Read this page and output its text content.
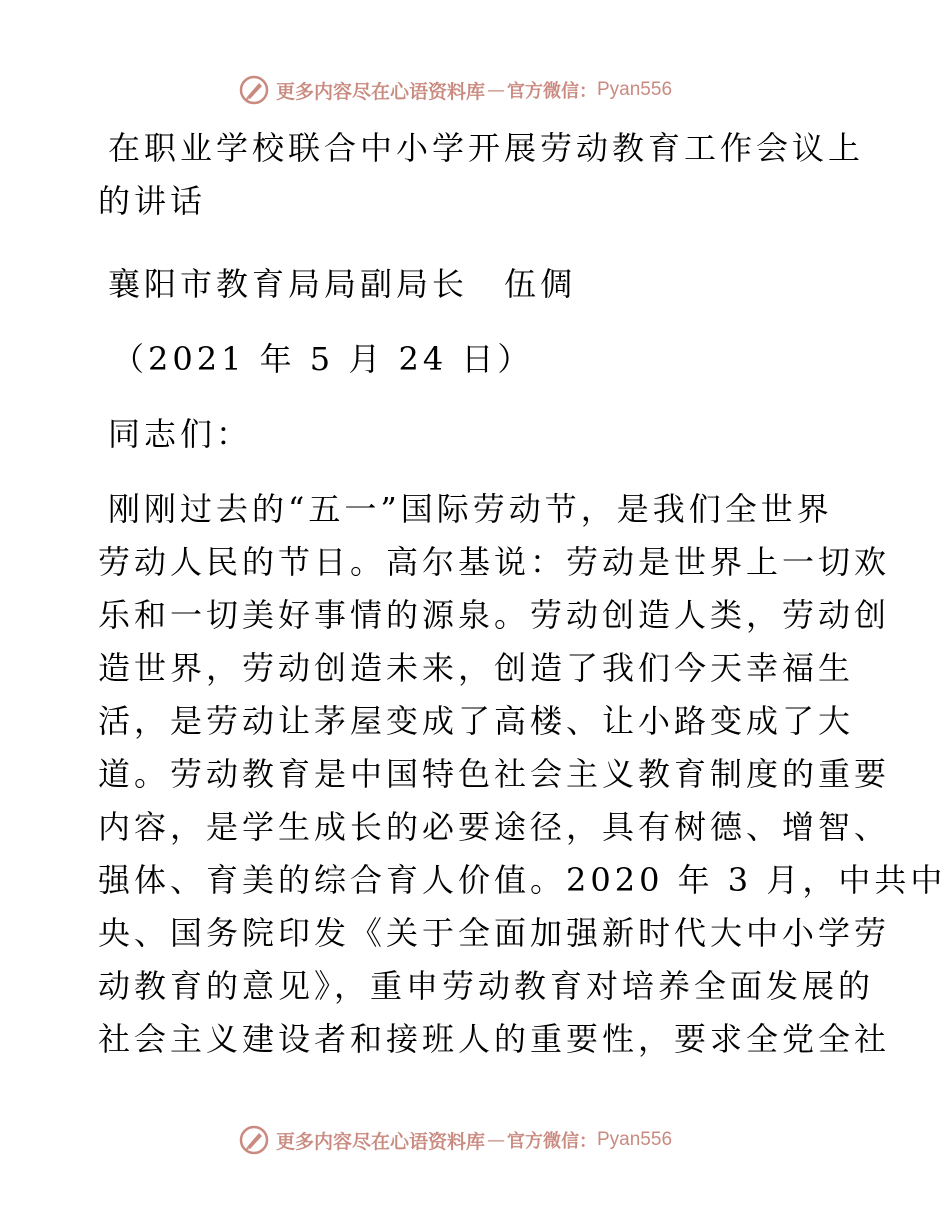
更多内容尽在心语资料库 — 官方微信： Pyan556
在职业学校联合中小学开展劳动教育工作会议上
的讲话
襄阳市教育局局副局长　伍倜
（2021 年 5 月 24 日）
同志们：
刚刚过去的“五一”国际劳动节，是我们全世界
劳动人民的节日。高尔基说：劳动是世界上一切欢
乐和一切美好事情的源泉。劳动创造人类，劳动创
造世界，劳动创造未来，创造了我们今天幸福生
活，是劳动让茅屋变成了高楼、让小路变成了大
道。劳动教育是中国特色社会主义教育制度的重要
内容，是学生成长的必要途径，具有树德、增智、
强体、育美的综合育人价值。2020 年 3 月，中共中
央、国务院印发《关于全面加强新时代大中小学劳
动教育的意见》，重申劳动教育对培养全面发展的
社会主义建设者和接班人的重要性，要求全党全社
更多内容尽在心语资料库 — 官方微信： Pyan556
